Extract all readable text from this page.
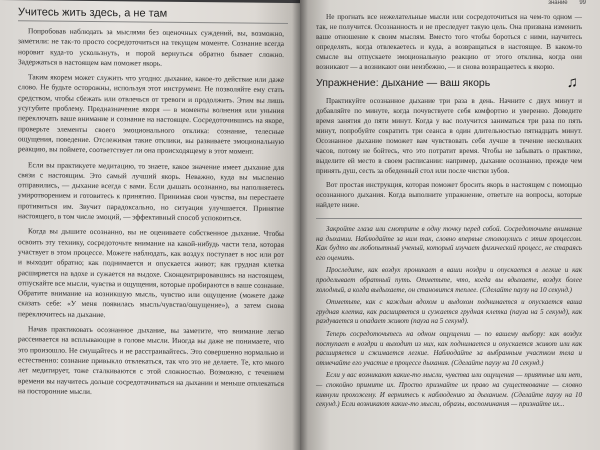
Учитесь жить здесь, а не там

Попробовав наблюдать за мыслями без оценочных суждений, вы, возможно, заметили: не так-то просто сосредоточиться на текущем моменте. Сознание всегда норовит куда-то ускользнуть, и порой вернуться обратно бывает сложно. Задержаться в настоящем вам поможет якорь.

Таким якорем может служить что угодно: дыхание, какое-то действие или даже слово. Не будьте осторожны, используя этот инструмент. Не позволяйте ему стать средством, чтобы сбежать или отвлечься от тревоги и продолжить. Этим вы лишь усугубите проблему. Предназначение якоря — в моменты волнения или уныния переключать ваше внимание и сознание на настоящее. Сосредоточившись на якоре, проверьте элементы своего эмоционального отклика: сознание, телесные ощущения, поведение. Отслеживая такие отклики, вы развиваете эмоциональную реакцию, вы поймете, соответствует ли она происходящему в этот момент.

Если вы практикуете медитацию, то знаете, какое значение имеет дыхание для связи с настоящим. Это самый лучший якорь. Неважно, куда вы мысленно отправились, — дыхание всегда с вами. Если дышать осознанно, вы наполняетесь умиротворением и готовитесь к принятию. Принимая свои чувства, вы перестаете противиться им. Звучит парадоксально, но ситуация улучшается. Принятие настоящего, в том числе эмоций, — эффективный способ успокоиться.

Когда вы дышите осознанно, вы не оцениваете собственное дыхание. Чтобы освоить эту технику, сосредоточьте внимание на какой-нибудь части тела, которая участвует в этом процессе. Можете наблюдать, как воздух поступает в нос или рот и выходит обратно; как поднимается и опускается живот; как грудная клетка расширяется на вдохе и сужается на выдохе. Сконцентрировавшись на настоящем, отпускайте все мысли, чувства и ощущения, которые пробираются в ваше сознание. Обратите внимание на возникшую мысль, чувство или ощущение (можете даже сказать себе: «У меня появилась мысль/чувство/ощущение»), а затем снова переключитесь на дыхание.

Начав практиковать осознанное дыхание, вы заметите, что внимание легко рассеивается на всплывающие в голове мысли. Иногда вы даже не понимаете, что это произошло. Не смущайтесь и не расстраивайтесь. Это совершенно нормально и естественно: сознание привыкло отвлекаться, так что это не делаете. Те, кто много лет медитирует, тоже сталкиваются с этой сложностью. Возможно, с течением времени вы научитесь дольше сосредотачиваться на дыхании и меньше отвлекаться на посторонние мысли.

знание 99

Не прогнать все нежелательные мысли или сосредоточиться на чем-то одном — так, не получится. Осознанность и не преследует такую цель. Она призвана изменить ваше отношение к своим мыслям. Вместо того чтобы бороться с ними, научитесь определять, когда отвлекаетесь и куда, а возвращаться в настоящее. В каком-то смысле вы отпускаете эмоциональную реакцию от этого отклика, когда они возникают — а возникают они неизбежно, — и снова возвращаетесь к якорю.

Упражнение: дыхание — ваш якорь	♫

Практикуйте осознанное дыхание три раза в день. Начните с двух минут и добавляйте по минуте, когда почувствуете себя комфортно и уверенно. Доведите время занятия до пяти минут. Когда у вас получится заниматься три раза по пять минут, попробуйте сократить три сеанса в один длительностью пятнадцать минут. Осознанное дыхание поможет вам чувствовать себя лучше в течение нескольких часов, потому не бойтесь, что это потратит время. Чтобы не забывать о практике, выделите ей место в своем расписании: например, дыхание осознанно, прежде чем принять душ, сесть за обеденный стол или после чистки зубов.

Вот простая инструкция, которая поможет бросить якорь в настоящем с помощью осознанного дыхания. Когда выполните упражнение, ответьте на вопросы, которые найдете ниже.

Закройте глаза или смотрите в одну точку перед собой. Сосредоточьте внимание на дыхании. Наблюдайте за ним так, словно впервые столкнулись с этим процессом. Как будто вы любопытный ученый, который изучает физический процесс, не стараясь его оценить.

Проследите, как воздух проникает в ваши ноздри и опускается в легкие и как проделывает обратный путь. Отметьте, что, когда вы вдыхаете, воздух более холодный, а когда выдыхаете, он становится теплее. (Сделайте паузу на 10 секунд.)

Отметьте, как с каждым вдохом и выдохом поднимается и опускается ваша грудная клетка, как расширяется и сужается грудная клетка (пауза на 5 секунд), как раздувается и опадает живот (пауза на 5 секунд).

Теперь сосредоточьтесь на одном ощущении — по вашему выбору: как воздух поступает в ноздри и выходит из них, как поднимается и опускается живот или как расширяется и сжимается легкие. Наблюдайте за выбранным участком тела и отмечайте его участие в процессе дыхания. (Сделайте паузу на 10 секунд.)

Если у вас возникают какие-то мысли, чувства или ощущения — приятные или нет, — спокойно примите их. Просто признайте их право на существование — словно кивнули прохожему. И вернитесь к наблюдению за дыханием. (Сделайте паузу на 10 секунд.) Если возникают какие-то мысли, образы, воспоминания — признайте их...
